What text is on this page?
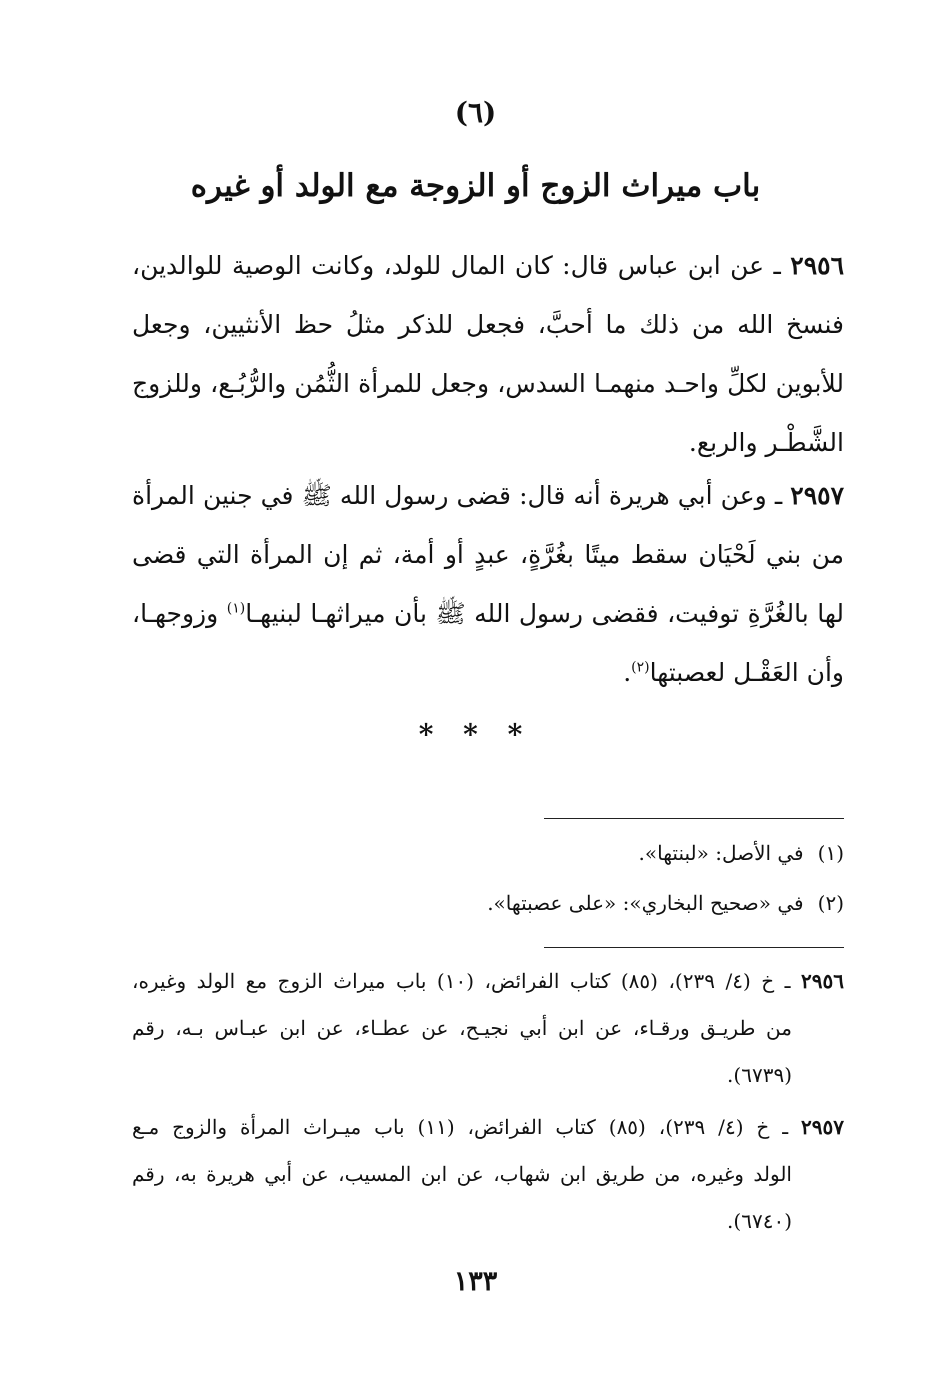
(٦)
باب ميراث الزوج أو الزوجة مع الولد أو غيره

٢٩٥٦ ـ عن ابن عباس قال: كان المال للولد، وكانت الوصية للوالدين، فنسخ الله من ذلك ما أحبَّ، فجعل للذكر مثلُ حظ الأنثيين، وجعل للأبوين لكلِّ واحـد منهمـا السدس، وجعل للمرأة الثُّمُن والرُّبُـع، وللزوج الشَّطْـر والربع.

٢٩٥٧ ـ وعن أبي هريرة أنه قال: قضى رسول الله ﷺ في جنين المرأة من بني لَحْيَان سقط ميتًا بغُرَّةٍ، عبدٍ أو أمة، ثم إن المرأة التي قضى لها بالغُرَّةِ توفيت، فقضى رسول الله ﷺ بأن ميراثهـا لبنيهـا$^{(١)}$ وزوجهـا، وأن العَقْـل لعصبتها$^{(٢)}$.

* * *
(١)في الأصل: «لبنتها».
(٢)في «صحيح البخاري»: «على عصبتها».
٢٩٥٦ ـ خ (٤/ ٢٣٩)، (٨٥) كتاب الفرائض، (١٠) باب ميراث الزوج مع الولد وغيره،
من طريـق ورقـاء، عن ابن أبي نجيـح، عن عطـاء، عن ابن عبـاس بـه، رقم
(٦٧٣٩).
٢٩٥٧ ـ خ (٤/ ٢٣٩)، (٨٥) كتاب الفرائض، (١١) باب ميـراث المرأة والزوج مـع
الولد وغيره، من طريق ابن شهاب، عن ابن المسيب، عن أبي هريرة به، رقم
(٦٧٤٠).
١٣٣
